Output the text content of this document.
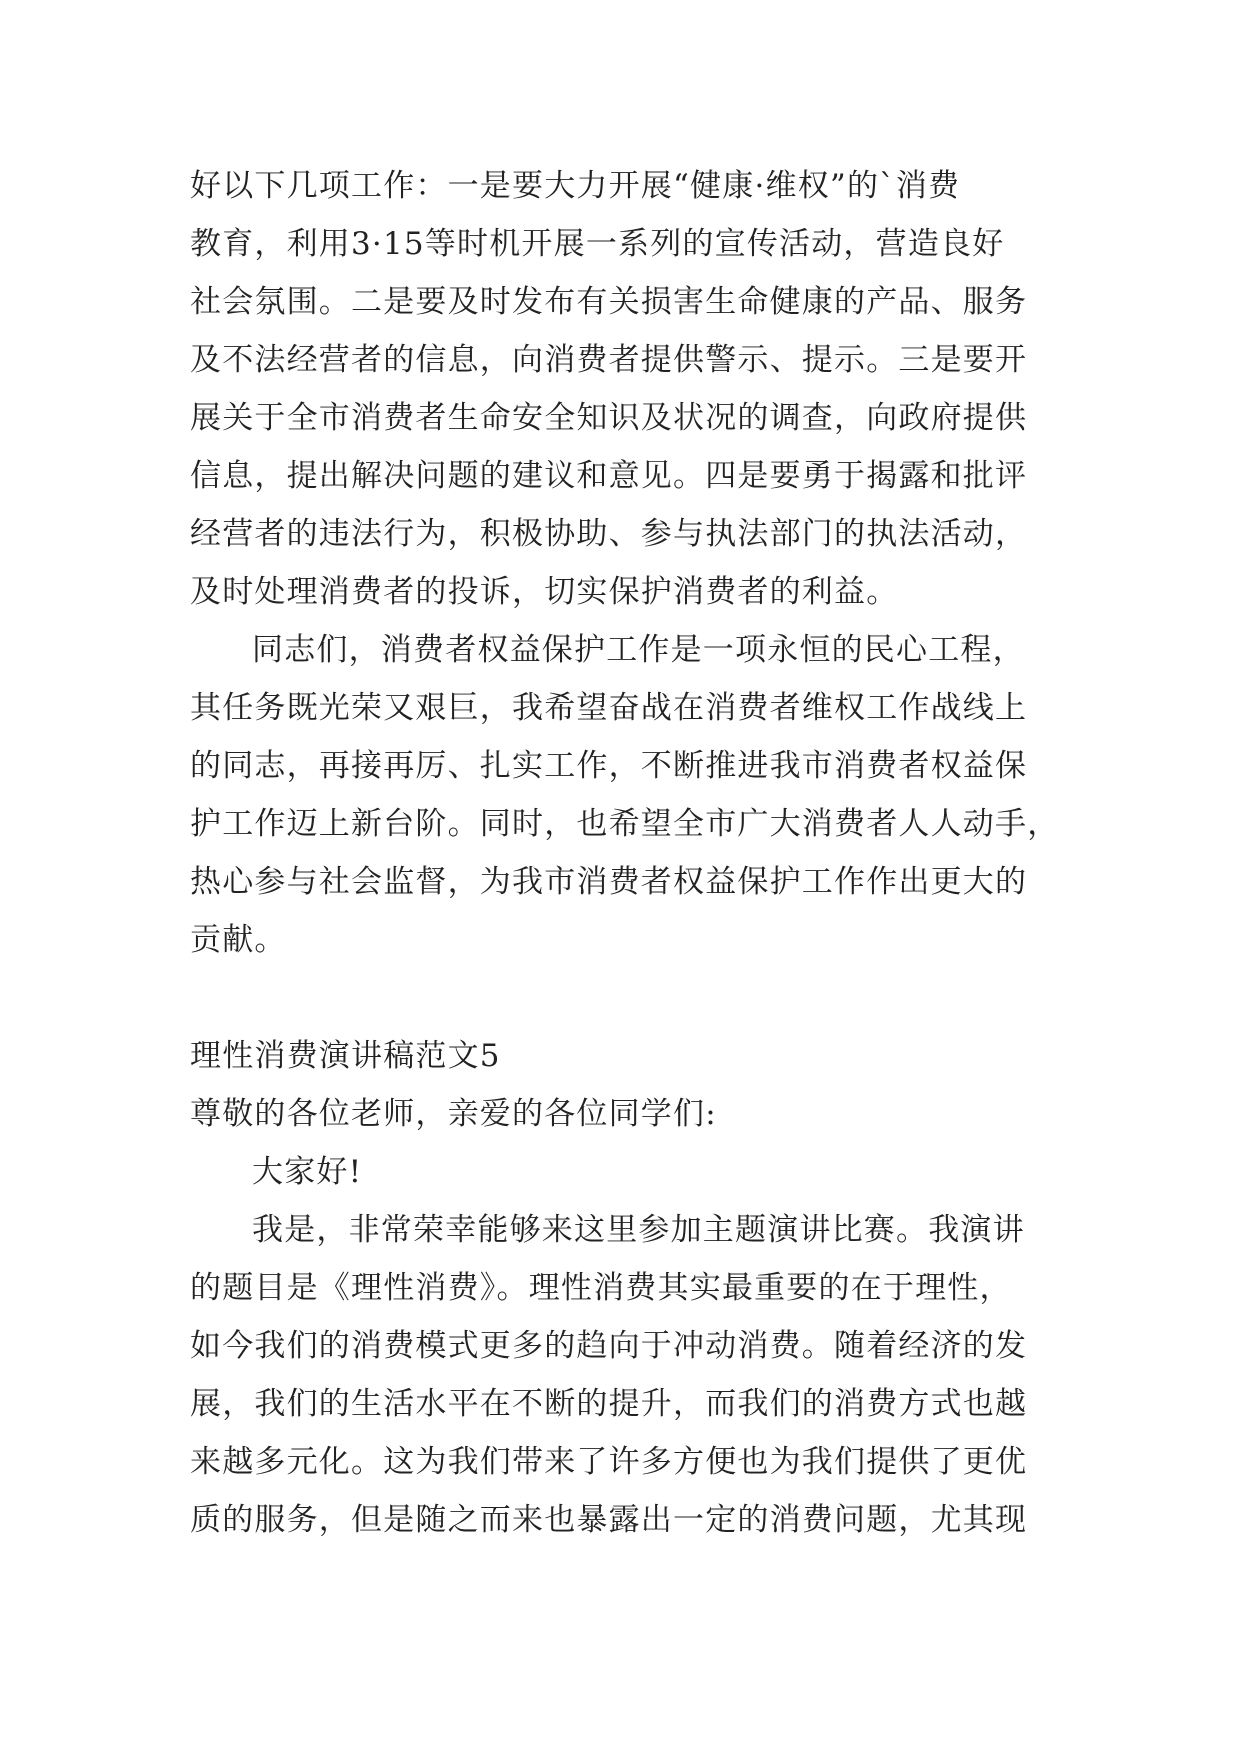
好以下几项工作：一是要大力开展“健康·维权”的`消费
教育，利用3·15等时机开展一系列的宣传活动，营造良好
社会氛围。二是要及时发布有关损害生命健康的产品、服务
及不法经营者的信息，向消费者提供警示、提示。三是要开
展关于全市消费者生命安全知识及状况的调查，向政府提供
信息，提出解决问题的建议和意见。四是要勇于揭露和批评
经营者的违法行为，积极协助、参与执法部门的执法活动，
及时处理消费者的投诉，切实保护消费者的利益。
同志们，消费者权益保护工作是一项永恒的民心工程，
其任务既光荣又艰巨，我希望奋战在消费者维权工作战线上
的同志，再接再厉、扎实工作，不断推进我市消费者权益保
护工作迈上新台阶。同时，也希望全市广大消费者人人动手，
热心参与社会监督，为我市消费者权益保护工作作出更大的
贡献。
理性消费演讲稿范文5
尊敬的各位老师，亲爱的各位同学们:
大家好!
我是，非常荣幸能够来这里参加主题演讲比赛。我演讲
的题目是《理性消费》。理性消费其实最重要的在于理性，
如今我们的消费模式更多的趋向于冲动消费。随着经济的发
展，我们的生活水平在不断的提升，而我们的消费方式也越
来越多元化。这为我们带来了许多方便也为我们提供了更优
质的服务，但是随之而来也暴露出一定的消费问题，尤其现
